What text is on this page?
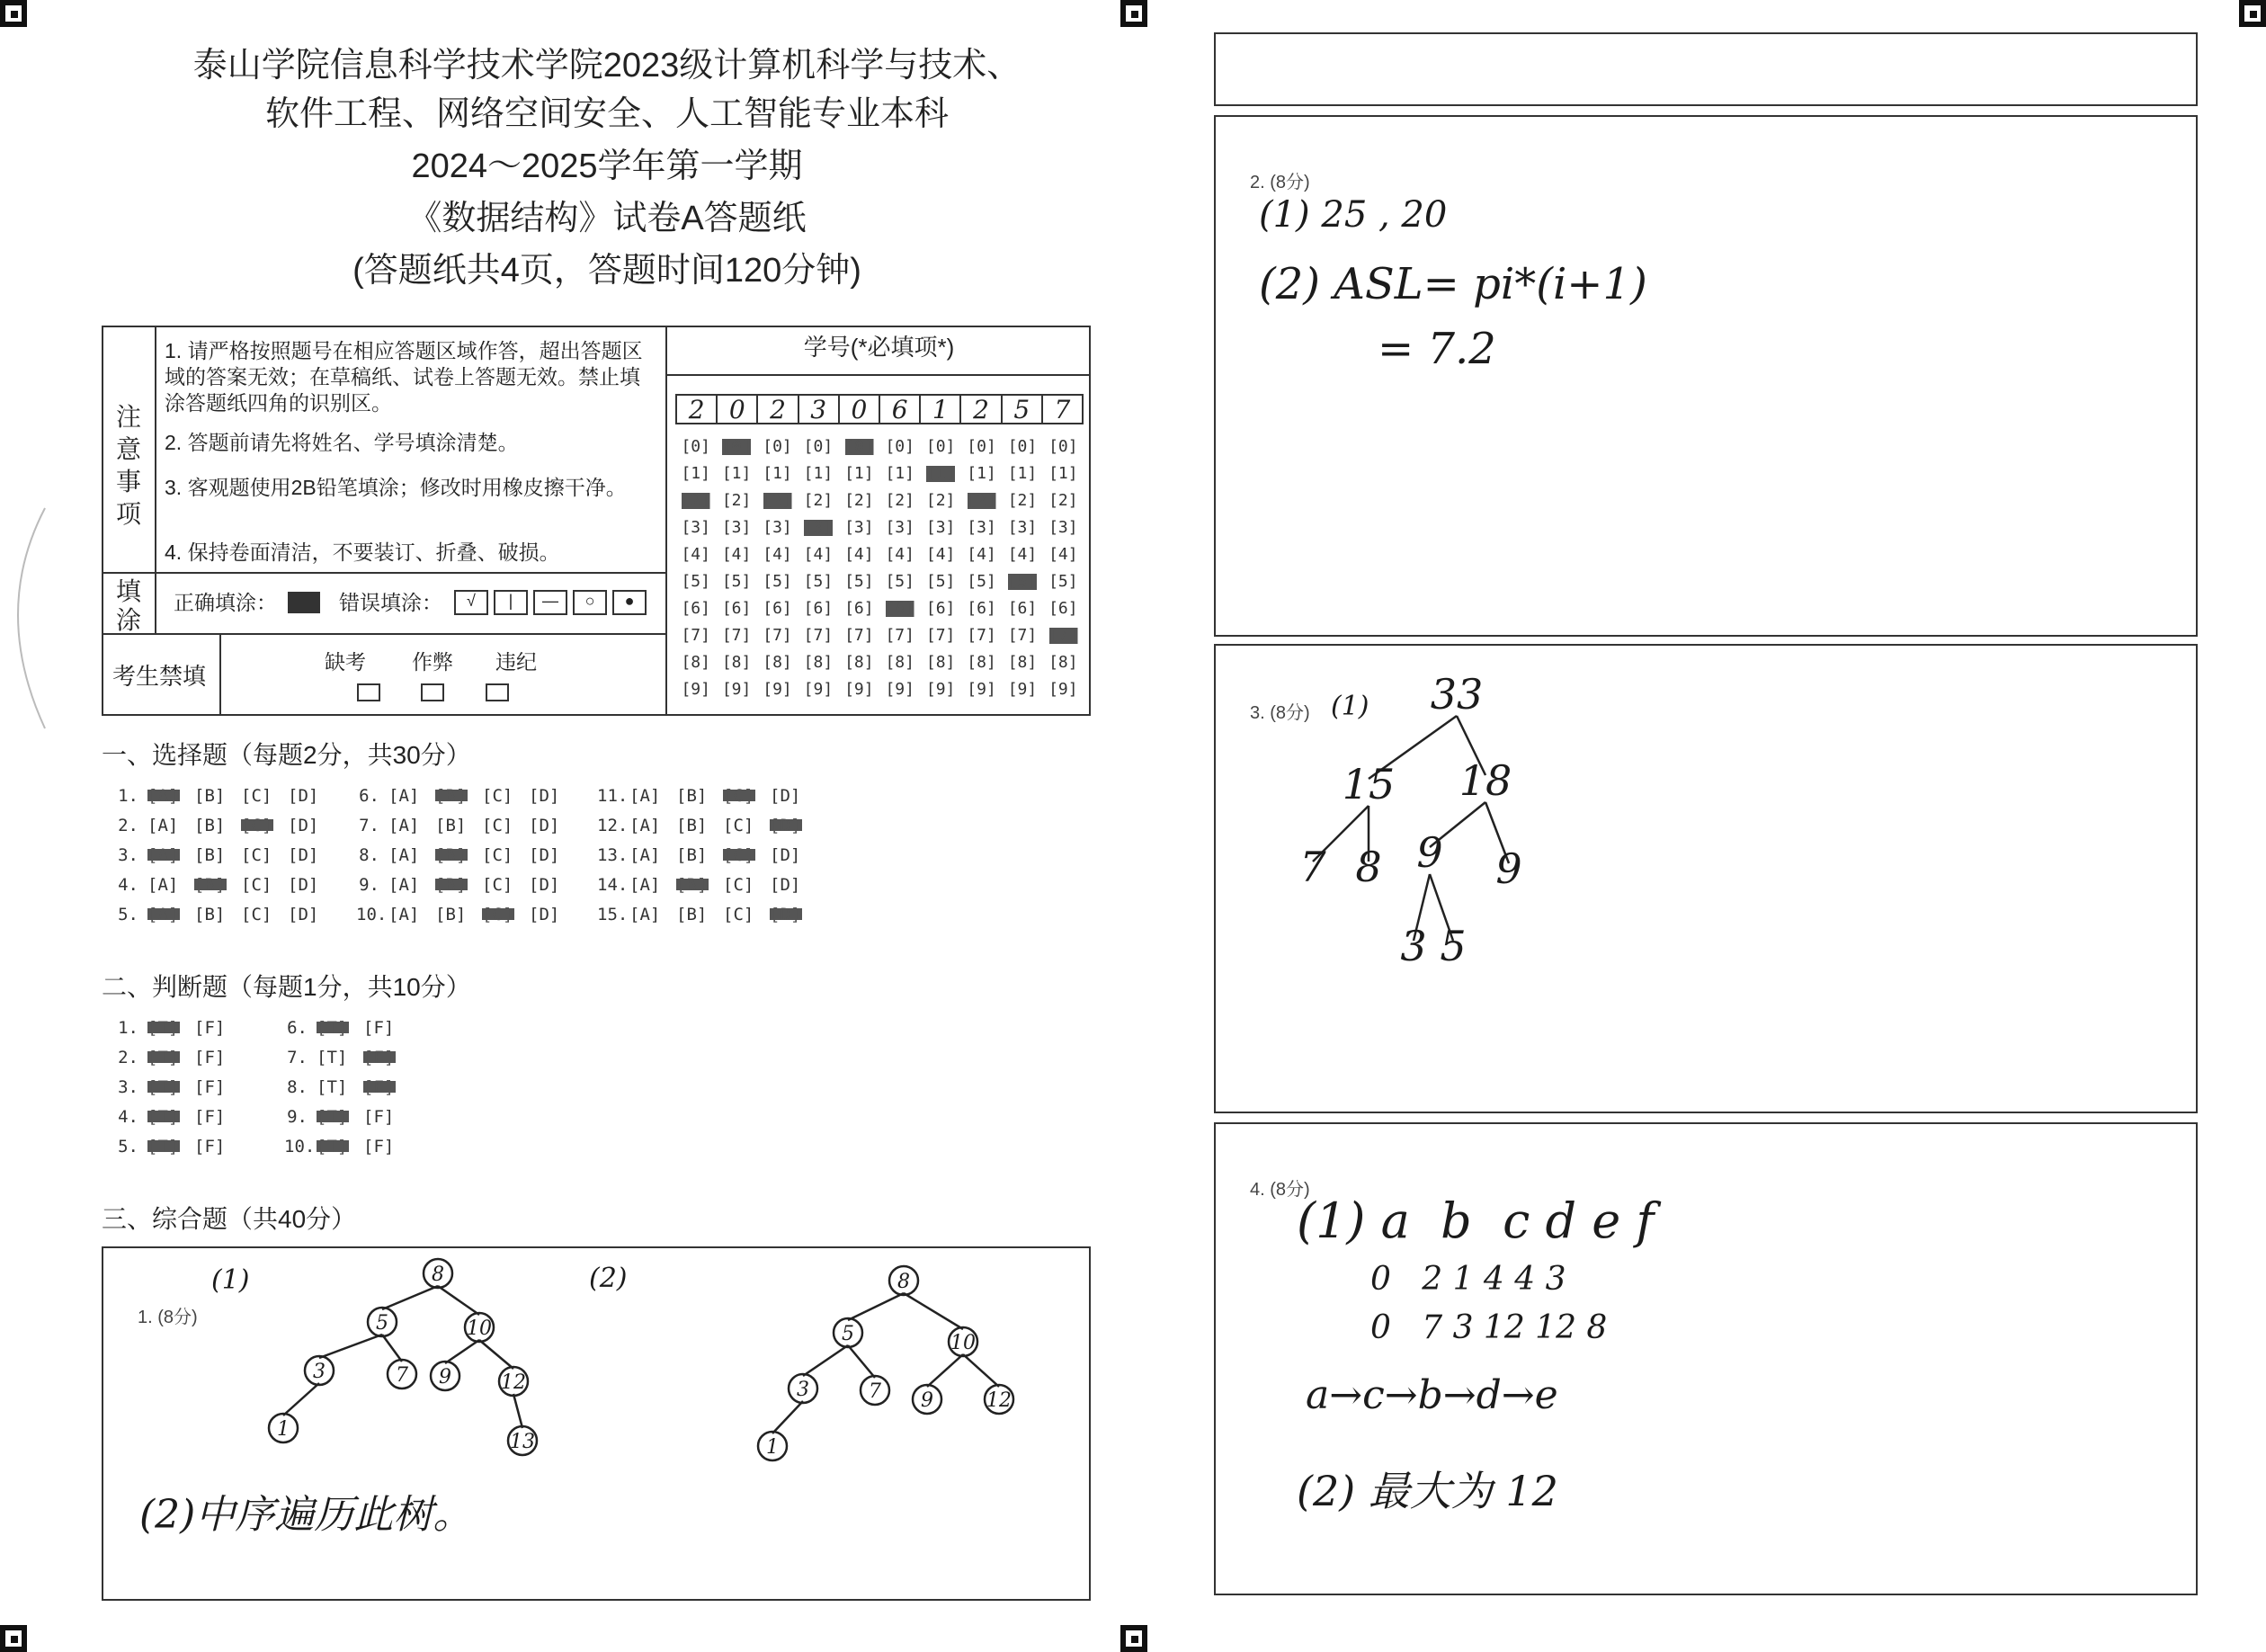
泰山学院信息科学技术学院2023级计算机科学与技术、
软件工程、网络空间安全、人工智能专业本科
2024～2025学年第一学期
《数据结构》试卷A答题纸
(答题纸共4页，答题时间120分钟)
注意事项
1. 请严格按照题号在相应答题区域作答，超出答题区域的答案无效；在草稿纸、试卷上答题无效。禁止填涂答题纸四角的识别区。
2. 答题前请先将姓名、学号填涂清楚。
3. 客观题使用2B铅笔填涂；修改时用橡皮擦干净。
4. 保持卷面清洁，不要装订、折叠、破损。
填涂
正确填涂：	错误填涂：	√ | — ○ ●
考生禁填
缺考 作弊 违纪
学号(*必填项*)
2 0 2 3 0 6 1 2 5 7
[0] [0] [0] [0] [0] [0] [0] [0] [0] [0]
[1] [1] [1] [1] [1] [1] [1] [1] [1] [1]
[2] [2] [2] [2] [2] [2] [2] [2] [2] [2]
[3] [3] [3] [3] [3] [3] [3] [3] [3] [3]
[4] [4] [4] [4] [4] [4] [4] [4] [4] [4]
[5] [5] [5] [5] [5] [5] [5] [5] [5] [5]
[6] [6] [6] [6] [6] [6] [6] [6] [6] [6]
[7] [7] [7] [7] [7] [7] [7] [7] [7] [7]
[8] [8] [8] [8] [8] [8] [8] [8] [8] [8]
[9] [9] [9] [9] [9] [9] [9] [9] [9] [9]
一、选择题（每题2分，共30分）
1. [A] [B] [C] [D]
2. [A] [B] [C] [D]
3. [A] [B] [C] [D]
4. [A] [B] [C] [D]
5. [A] [B] [C] [D]
6. [A] [B] [C] [D]
7. [A] [B] [C] [D]
8. [A] [B] [C] [D]
9. [A] [B] [C] [D]
10. [A] [B] [C] [D]
11. [A] [B] [C] [D]
12. [A] [B] [C] [D]
13. [A] [B] [C] [D]
14. [A] [B] [C] [D]
15. [A] [B] [C] [D]
二、判断题（每题1分，共10分）
1. [T] [F]
2. [T] [F]
3. [T] [F]
4. [T] [F]
5. [T] [F]
6. [T] [F]
7. [T] [F]
8. [T] [F]
9. [T] [F]
10. [T] [F]
三、综合题（共40分）
1. (8分)
(1)	(2)
8
5	10
3	7 9	12
1
13
8
5	10
3	7 9	12
1
(2)中序遍历此树。
2. (8分)
(1) 25 , 20
(2) ASL= pi*(i+1)
= 7.2
3. (8分) (1) 33
15 18
7 8 9 9
3 5
4. (8分)
(1) a  b  c d e f
0   2 1 4 4 3
0   7 3 12 12 8
a→c→b→d→e
(2) 最大为 12
